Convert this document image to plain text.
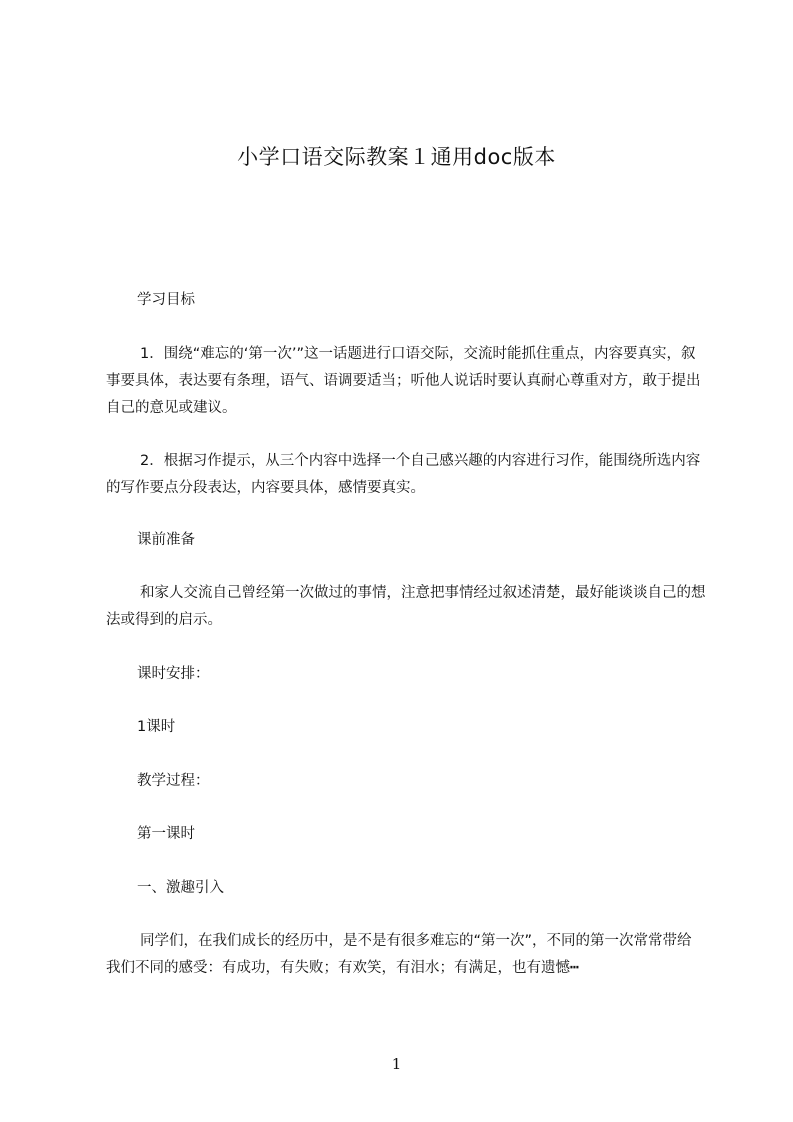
小学口语交际教案１通用doc版本

学习目标

1．围绕“难忘的‘第一次’”这一话题进行口语交际，交流时能抓住重点，内容要真实，叙事要具体，表达要有条理，语气、语调要适当；听他人说话时要认真耐心尊重对方，敢于提出自己的意见或建议。

2．根据习作提示，从三个内容中选择一个自己感兴趣的内容进行习作，能围绕所选内容的写作要点分段表达，内容要具体，感情要真实。

课前准备

和家人交流自己曾经第一次做过的事情，注意把事情经过叙述清楚，最好能谈谈自己的想法或得到的启示。

课时安排：

1课时

教学过程：

第一课时

一、激趣引入

同学们，在我们成长的经历中，是不是有很多难忘的“第一次”，不同的第一次常常带给我们不同的感受：有成功，有失败；有欢笑，有泪水；有满足，也有遗憾┅

1
